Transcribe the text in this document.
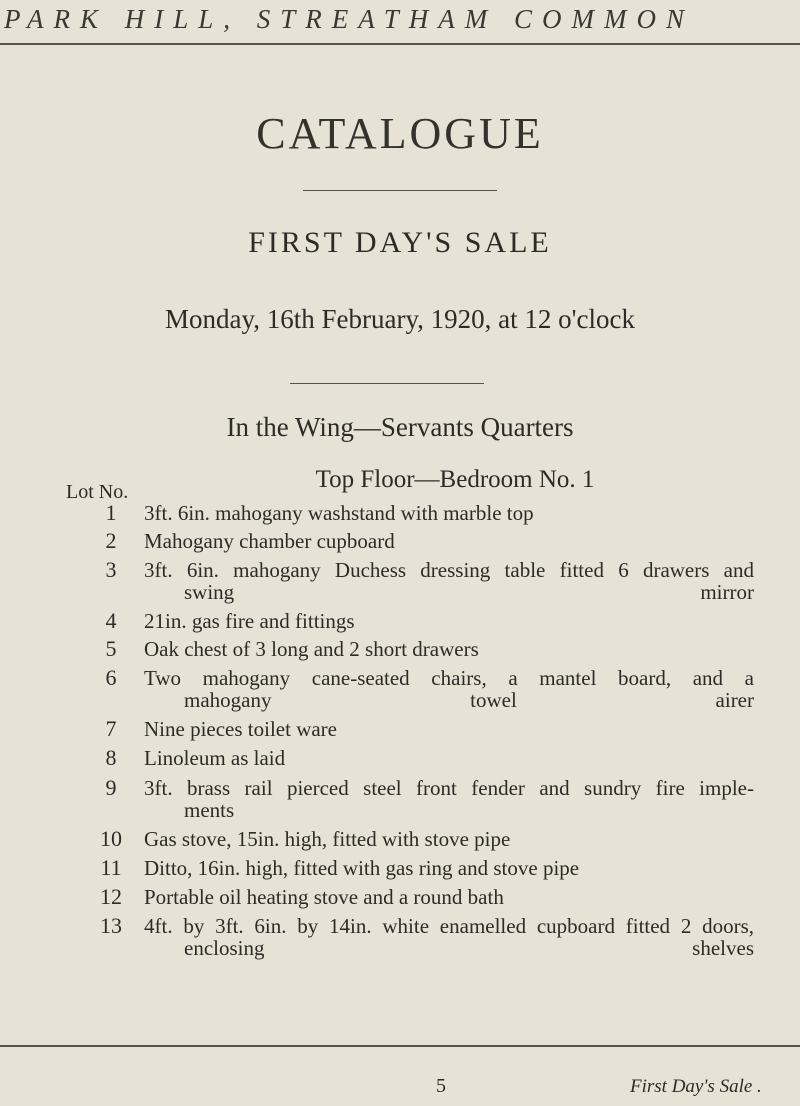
PARK HILL, STREATHAM COMMON
CATALOGUE
FIRST DAY'S SALE
Monday, 16th February, 1920, at 12 o'clock
In the Wing—Servants Quarters
Top Floor—Bedroom No. 1
Lot No.
1	3ft. 6in. mahogany washstand with marble top
2	Mahogany chamber cupboard
3	3ft. 6in. mahogany Duchess dressing table fitted 6 drawers and
swing mirror
4	21in. gas fire and fittings
5	Oak chest of 3 long and 2 short drawers
6	Two mahogany cane-seated chairs, a mantel board, and a
mahogany towel airer
7	Nine pieces toilet ware
8	Linoleum as laid
9	3ft. brass rail pierced steel front fender and sundry fire imple-
ments
10 Gas stove, 15in. high, fitted with stove pipe
11 Ditto, 16in. high, fitted with gas ring and stove pipe
12 Portable oil heating stove and a round bath
13 4ft. by 3ft. 6in. by 14in. white enamelled cupboard fitted 2 doors,
enclosing shelves
5	First Day's Sale .
